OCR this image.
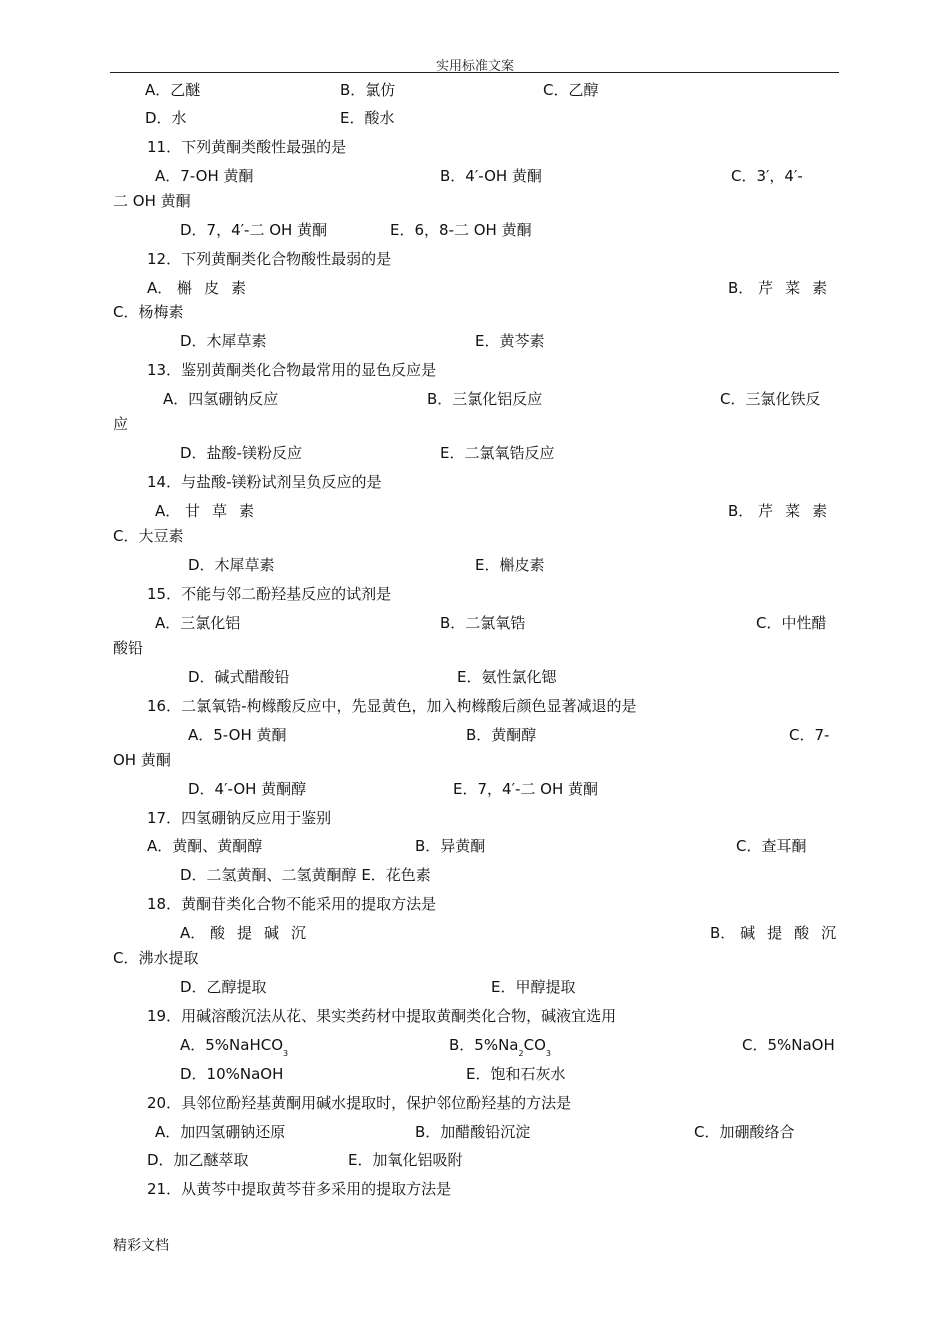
实用标准文案
A．乙醚	B．氯仿	C．乙醇
D．水	E．酸水
11．下列黄酮类酸性最强的是
A．7-OH 黄酮	B．4′-OH 黄酮	C．3′，4′-
二 OH 黄酮
D．7，4′-二 OH 黄酮	E．6，8-二 OH 黄酮
12．下列黄酮类化合物酸性最弱的是
A． 槲皮素	B． 芹菜素
C．杨梅素
D．木犀草素	E．黄芩素
13．鉴别黄酮类化合物最常用的显色反应是
A．四氢硼钠反应	B．三氯化铝反应	C．三氯化铁反
应
D．盐酸-镁粉反应	E．二氯氧锆反应
14．与盐酸-镁粉试剂呈负反应的是
A． 甘草素	B． 芹菜素
C．大豆素
D．木犀草素	E．槲皮素
15．不能与邻二酚羟基反应的试剂是
A．三氯化铝	B．二氯氧锆	C．中性醋
酸铅
D．碱式醋酸铅	E．氨性氯化锶
16．二氯氧锆-枸橼酸反应中，先显黄色，加入枸橼酸后颜色显著减退的是
A．5-OH 黄酮	B．黄酮醇	C．7-
OH 黄酮
D．4′-OH 黄酮醇	E．7，4′-二 OH 黄酮
17．四氢硼钠反应用于鉴别
A．黄酮、黄酮醇	B．异黄酮	C．查耳酮
D．二氢黄酮、二氢黄酮醇 E．花色素
18．黄酮苷类化合物不能采用的提取方法是
A． 酸提碱沉	B． 碱提酸沉
C．沸水提取
D．乙醇提取	E．甲醇提取
19．用碱溶酸沉法从花、果实类药材中提取黄酮类化合物，碱液宜选用
A．5%NaHCO$_3$	B．$5\%Na_2CO_3$	C．5%NaOH
D．10%NaOH	E．饱和石灰水
20．具邻位酚羟基黄酮用碱水提取时，保护邻位酚羟基的方法是
A．加四氢硼钠还原	B．加醋酸铅沉淀	C．加硼酸络合
D．加乙醚萃取	E．加氧化铝吸附
21．从黄芩中提取黄芩苷多采用的提取方法是
精彩文档
